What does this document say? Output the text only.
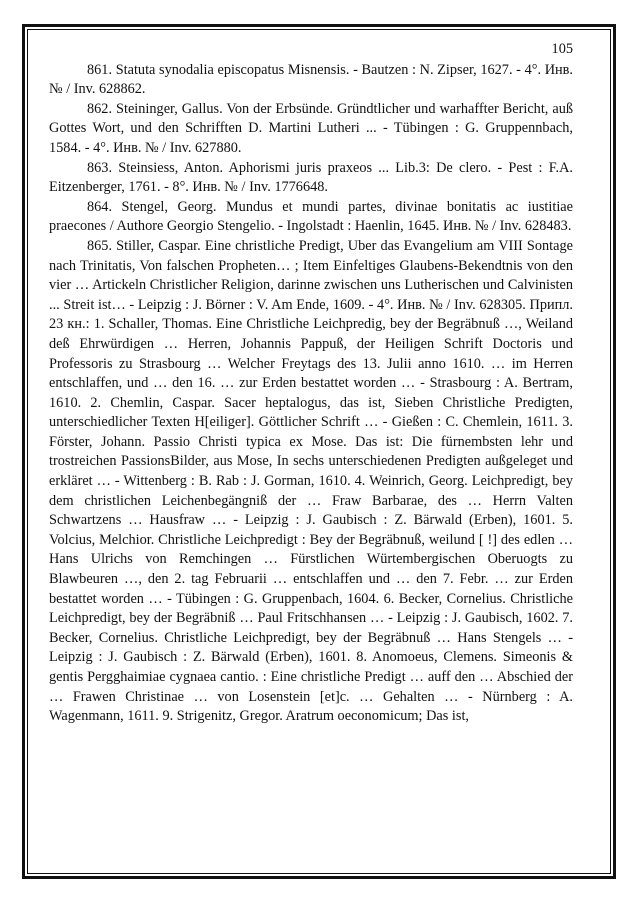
105

861. Statuta synodalia episcopatus Misnensis. - Bautzen : N. Zipser, 1627. - 4°. Инв. № / Inv. 628862.

862. Steininger, Gallus. Von der Erbsünde. Gründtlicher und warhaffter Bericht, auß Gottes Wort, und den Schrifften D. Martini Lutheri ... - Tübingen : G. Gruppennbach, 1584. - 4°. Инв. № / Inv. 627880.

863. Steinsiess, Anton. Aphorismi juris praxeos ... Lib.3: De clero. - Pest : F.A. Eitzenberger, 1761. - 8°. Инв. № / Inv. 1776648.

864. Stengel, Georg. Mundus et mundi partes, divinae bonitatis ac iustitiae praecones / Authore Georgio Stengelio. - Ingolstadt : Haenlin, 1645. Инв. № / Inv. 628483.

865. Stiller, Caspar. Eine christliche Predigt, Uber das Evangelium am VIII Sontage nach Trinitatis, Von falschen Propheten… ; Item Einfeltiges Glaubens-Bekendtnis von den vier … Artickeln Christlicher Religion, darinne zwischen uns Lutherischen und Calvinisten ... Streit ist… - Leipzig : J. Börner : V. Am Ende, 1609. - 4°. Инв. № / Inv. 628305. Припл. 23 кн.: 1. Schaller, Thomas. Eine Christliche Leichpredig, bey der Begräbnuß …, Weiland deß Ehrwürdigen … Herren, Johannis Pappuß, der Heiligen Schrift Doctoris und Professoris zu Strasbourg … Welcher Freytags des 13. Julii anno 1610. … im Herren entschlaffen, und … den 16. … zur Erden bestattet worden … - Strasbourg : A. Bertram, 1610. 2. Chemlin, Caspar. Sacer heptalogus, das ist, Sieben Christliche Predigten, unterschiedlicher Texten H[eiliger]. Göttlicher Schrift … - Gießen : C. Chemlein, 1611. 3. Förster, Johann. Passio Christi typica ex Mose. Das ist: Die fürnembsten lehr und trostreichen PassionsBilder, aus Mose, In sechs unterschiedenen Predigten außgeleget und erkläret … - Wittenberg : B. Rab : J. Gorman, 1610. 4. Weinrich, Georg. Leichpredigt, bey dem christlichen Leichenbegängniß der … Fraw Barbarae, des … Herrn Valten Schwartzens … Hausfraw … - Leipzig : J. Gaubisch : Z. Bärwald (Erben), 1601. 5. Volcius, Melchior. Christliche Leichpredigt : Bey der Begräbnuß, weilund [ !] des edlen … Hans Ulrichs von Remchingen … Fürstlichen Würtembergischen Oberuogts zu Blawbeuren …, den 2. tag Februarii … entschlaffen und … den 7. Febr. … zur Erden bestattet worden … - Tübingen : G. Gruppenbach, 1604. 6. Becker, Cornelius. Christliche Leichpredigt, bey der Begräbniß … Paul Fritschhansen … - Leipzig : J. Gaubisch, 1602. 7. Becker, Cornelius. Christliche Leichpredigt, bey der Begräbnuß … Hans Stengels … - Leipzig : J. Gaubisch : Z. Bärwald (Erben), 1601. 8. Anomoeus, Clemens. Simeonis & gentis Pergghaimiae cygnaea cantio. : Eine christliche Predigt … auff den … Abschied der … Frawen Christinae … von Losenstein [et]c. … Gehalten … - Nürnberg : A. Wagenmann, 1611. 9. Strigenitz, Gregor. Aratrum oeconomicum; Das ist,
